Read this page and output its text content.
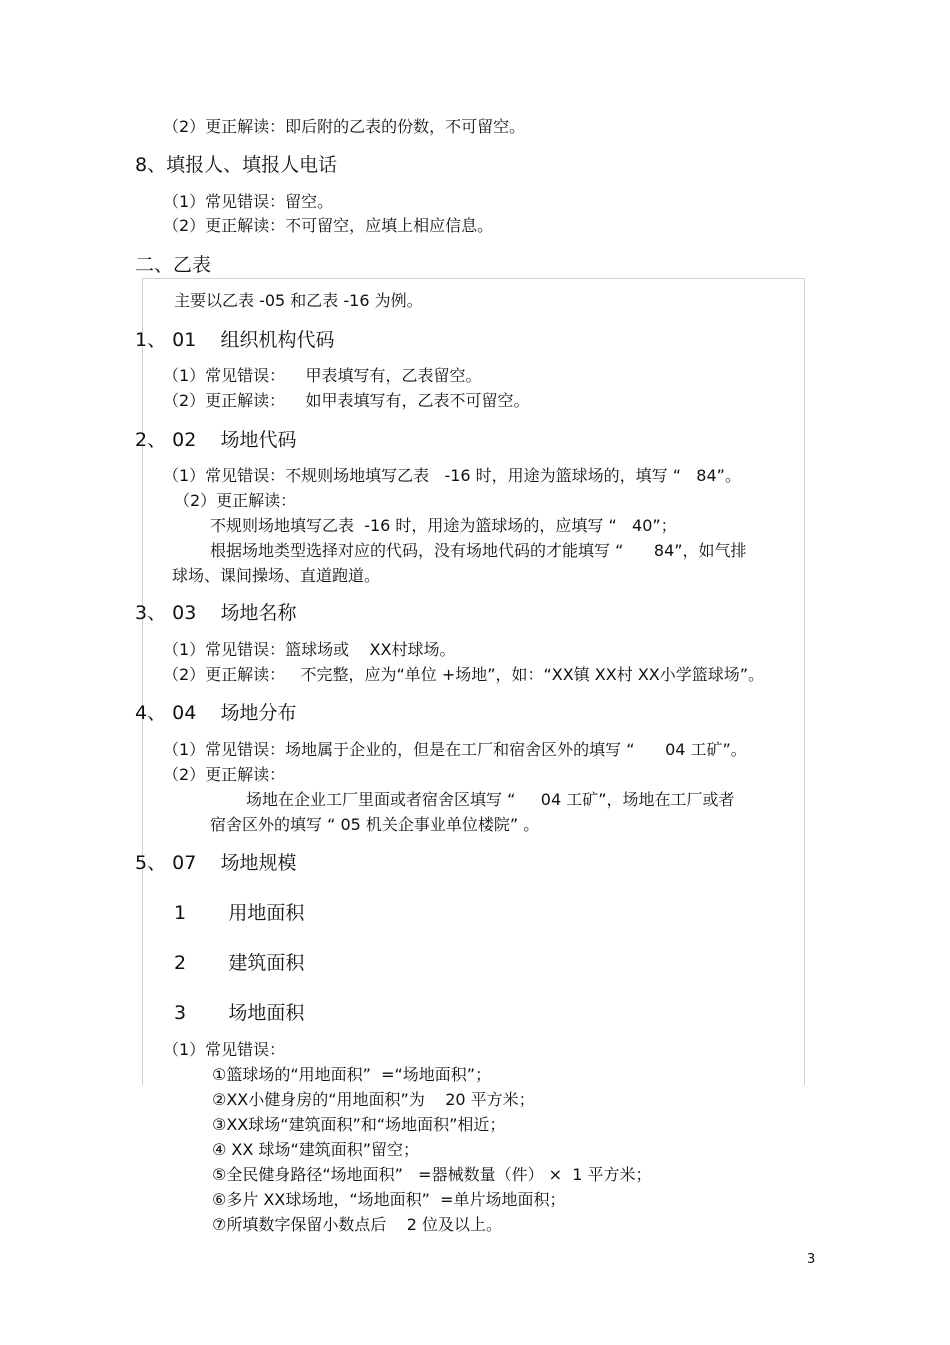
（2）更正解读：即后附的乙表的份数，不可留空。
8、填报人、填报人电话
（1）常见错误：留空。
（2）更正解读：不可留空，应填上相应信息。
二、乙表
主要以乙表 -05 和乙表 -16 为例。
1、 01    组织机构代码
（1）常见错误：    甲表填写有，乙表留空。
（2）更正解读：    如甲表填写有，乙表不可留空。
2、 02    场地代码
（1）常见错误：不规则场地填写乙表   -16 时，用途为篮球场的，填写 “   84”。
（2）更正解读：
不规则场地填写乙表  -16 时，用途为篮球场的，应填写 “   40”；
根据场地类型选择对应的代码，没有场地代码的才能填写 “      84”，如气排
球场、课间操场、直道跑道。
3、 03    场地名称
（1）常见错误：篮球场或    XX村球场。
（2）更正解读：   不完整，应为“单位 +场地”，如：“XX镇 XX村 XX小学篮球场”。
4、 04    场地分布
（1）常见错误：场地属于企业的，但是在工厂和宿舍区外的填写 “      04 工矿”。
（2）更正解读：
场地在企业工厂里面或者宿舍区填写 “     04 工矿”，场地在工厂或者
宿舍区外的填写 “ 05 机关企事业单位楼院” 。
5、 07    场地规模
1       用地面积
2       建筑面积
3       场地面积
（1）常见错误：
①篮球场的“用地面积”  =“场地面积”；
②XX小健身房的“用地面积”为    20 平方米；
③XX球场“建筑面积”和“场地面积”相近；
④ XX 球场“建筑面积”留空；
⑤全民健身路径“场地面积”   =器械数量（件） ×  1 平方米；
⑥多片 XX球场地，“场地面积”  =单片场地面积；
⑦所填数字保留小数点后    2 位及以上。
3
